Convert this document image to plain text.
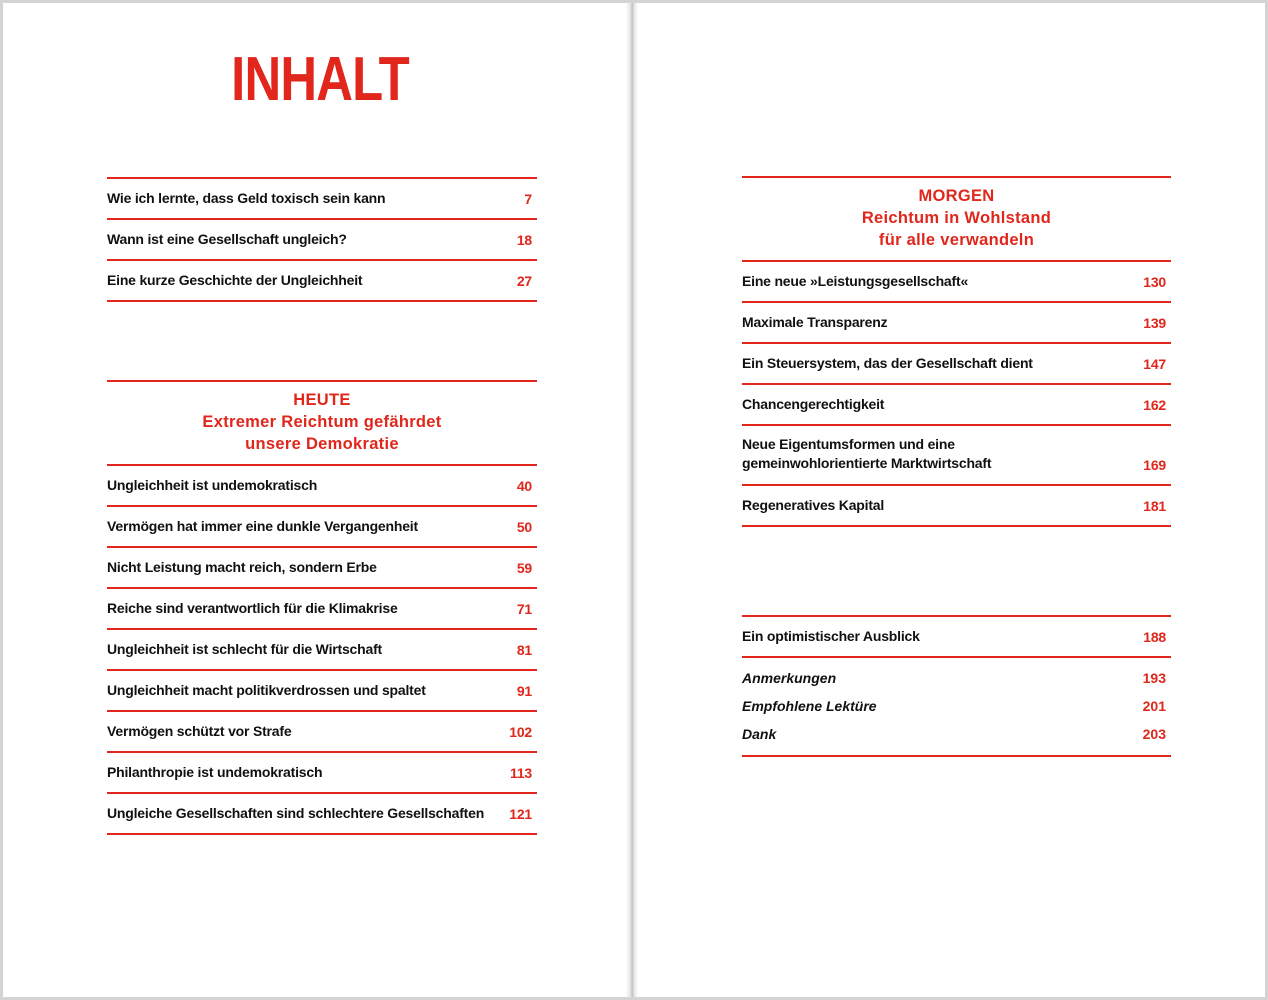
INHALT
Wie ich lernte, dass Geld toxisch sein kann	7
Wann ist eine Gesellschaft ungleich?	18
Eine kurze Geschichte der Ungleichheit	27
HEUTE
Extremer Reichtum gefährdet
unsere Demokratie
Ungleichheit ist undemokratisch	40
Vermögen hat immer eine dunkle Vergangenheit	50
Nicht Leistung macht reich, sondern Erbe	59
Reiche sind verantwortlich für die Klimakrise	71
Ungleichheit ist schlecht für die Wirtschaft	81
Ungleichheit macht politikverdrossen und spaltet	91
Vermögen schützt vor Strafe	102
Philanthropie ist undemokratisch	113
Ungleiche Gesellschaften sind schlechtere Gesellschaften 121
MORGEN
Reichtum in Wohlstand
für alle verwandeln
Eine neue »Leistungsgesellschaft«	130
Maximale Transparenz	139
Ein Steuersystem, das der Gesellschaft dient	147
Chancengerechtigkeit	162
Neue Eigentumsformen und eine
gemeinwohlorientierte Marktwirtschaft	169
Regeneratives Kapital	181
Ein optimistischer Ausblick	188
Anmerkungen	193
Empfohlene Lektüre	201
Dank	203
